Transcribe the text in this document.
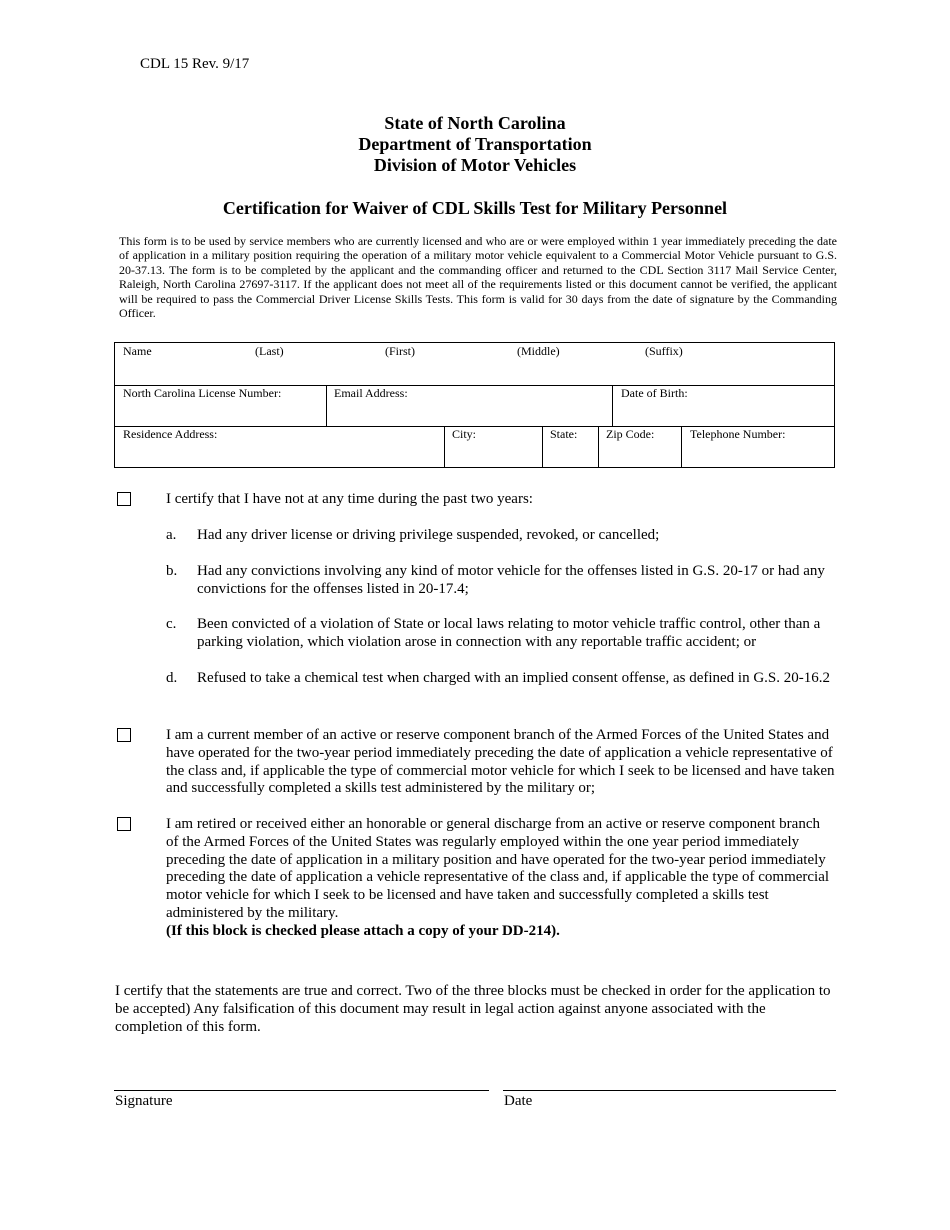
CDL 15 Rev. 9/17
State of North Carolina
Department of Transportation
Division of Motor Vehicles
Certification for Waiver of CDL Skills Test for Military Personnel
This form is to be used by service members who are currently licensed and who are or were employed within 1 year immediately preceding the date of application in a military position requiring the operation of a military motor vehicle equivalent to a Commercial Motor Vehicle pursuant to G.S. 20-37.13. The form is to be completed by the applicant and the commanding officer and returned to the CDL Section 3117 Mail Service Center, Raleigh, North Carolina 27697-3117. If the applicant does not meet all of the requirements listed or this document cannot be verified, the applicant will be required to pass the Commercial Driver License Skills Tests. This form is valid for 30 days from the date of signature by the Commanding Officer.
Name	(Last)	(First)	(Middle)	(Suffix)
North Carolina License Number:	Email Address:	Date of Birth:
Residence Address:	City:	State: Zip Code:	Telephone Number:
I certify that I have not at any time during the past two years:
a. Had any driver license or driving privilege suspended, revoked, or cancelled;
b. Had any convictions involving any kind of motor vehicle for the offenses listed in G.S. 20-17 or had any convictions for the offenses listed in 20-17.4;
c. Been convicted of a violation of State or local laws relating to motor vehicle traffic control, other than a parking violation, which violation arose in connection with any reportable traffic accident; or
d. Refused to take a chemical test when charged with an implied consent offense, as defined in G.S. 20-16.2
I am a current member of an active or reserve component branch of the Armed Forces of the United States and have operated for the two-year period immediately preceding the date of application a vehicle representative of the class and, if applicable the type of commercial motor vehicle for which I seek to be licensed and have taken and successfully completed a skills test administered by the military or;
I am retired or received either an honorable or general discharge from an active or reserve component branch of the Armed Forces of the United States was regularly employed within the one year period immediately preceding the date of application in a military position and have operated for the two-year period immediately preceding the date of application a vehicle representative of the class and, if applicable the type of commercial motor vehicle for which I seek to be licensed and have taken and successfully completed a skills test administered by the military.
(If this block is checked please attach a copy of your DD-214).
I certify that the statements are true and correct. Two of the three blocks must be checked in order for the application to be accepted) Any falsification of this document may result in legal action against anyone associated with the completion of this form.
Signature	Date
